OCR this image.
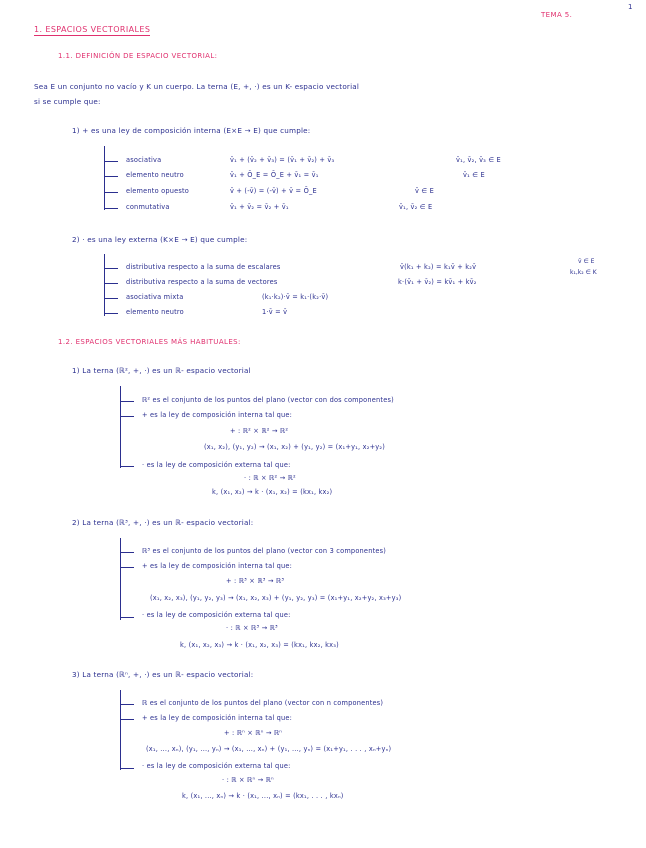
TEMA 5.
1
1. ESPACIOS VECTORIALES
1.1. DEFINICIÓN DE ESPACIO VECTORIAL:
Sea E un conjunto no vacío y K un cuerpo. La terna (E, +, ·) es un K- espacio vectorial
si se cumple que:
1) + es una ley de composición interna (E×E → E) que cumple:
asociativa	v̄₁ + (v̄₂ + v̄₃) = (v̄₁ + v̄₂) + v̄₃	v̄₁, v̄₂, v̄₃ ∈ E
elemento neutro	v̄₁ + Ō_E = Ō_E + v̄₁ = v̄₁	v̄₁ ∈ E
elemento opuesto	v̄ + (-v̄) = (-v̄) + v̄ = Ō_E	v̄ ∈ E
conmutativa	v̄₁ + v̄₂ = v̄₂ + v̄₁	v̄₁, v̄₂ ∈ E
2) · es una ley externa (K×E → E) que cumple:
distributiva respecto a la suma de escalares	v̄(k₁ + k₂) = k₁v̄ + k₂v̄
distributiva respecto a la suma de vectores	k·(v̄₁ + v̄₂) = kv̄₁ + kv̄₂
asociativa mixta	(k₁·k₂)·v̄ = k₁·(k₂·v̄)
elemento neutro	1·v̄ = v̄
v̄ ∈ E
k₁,k₂ ∈ K
1.2. ESPACIOS VECTORIALES MÁS HABITUALES:
1) La terna (ℝ², +, ·) es un ℝ- espacio vectorial
ℝ² es el conjunto de los puntos del plano (vector con dos componentes)
+ es la ley de composición interna tal que:
+ : ℝ² × ℝ² → ℝ²
(x₁, x₂), (y₁, y₂) → (x₁, x₂) + (y₁, y₂) = (x₁+y₁, x₂+y₂)
· es la ley de composición externa tal que:
· : ℝ × ℝ² → ℝ²
k, (x₁, x₂) → k · (x₁, x₂) = (kx₁, kx₂)
2) La terna (ℝ³, +, ·) es un ℝ- espacio vectorial:
ℝ³ es el conjunto de los puntos del plano (vector con 3 componentes)
+ es la ley de composición interna tal que:
+ : ℝ³ × ℝ³ → ℝ³
(x₁, x₂, x₃), (y₁, y₂, y₃) → (x₁, x₂, x₃) + (y₁, y₂, y₃) = (x₁+y₁, x₂+y₂, x₃+y₃)
· es la ley de composición externa tal que:
· : ℝ × ℝ³ → ℝ³
k, (x₁, x₂, x₃) → k · (x₁, x₂, x₃) = (kx₁, kx₂, kx₃)
3) La terna (ℝⁿ, +, ·) es un ℝ- espacio vectorial:
ℝ es el conjunto de los puntos del plano (vector con n componentes)
+ es la ley de composición interna tal que:
+ : ℝⁿ × ℝⁿ → ℝⁿ
(x₁, ..., xₙ), (y₁, ..., yₙ) → (x₁, ..., xₙ) + (y₁, ..., yₙ) = (x₁+y₁, . . . , xₙ+yₙ)
· es la ley de composición externa tal que:
· : ℝ × ℝⁿ → ℝⁿ
k, (x₁, ..., xₙ) → k · (x₁, ..., xₙ) = (kx₁, . . . , kxₙ)
